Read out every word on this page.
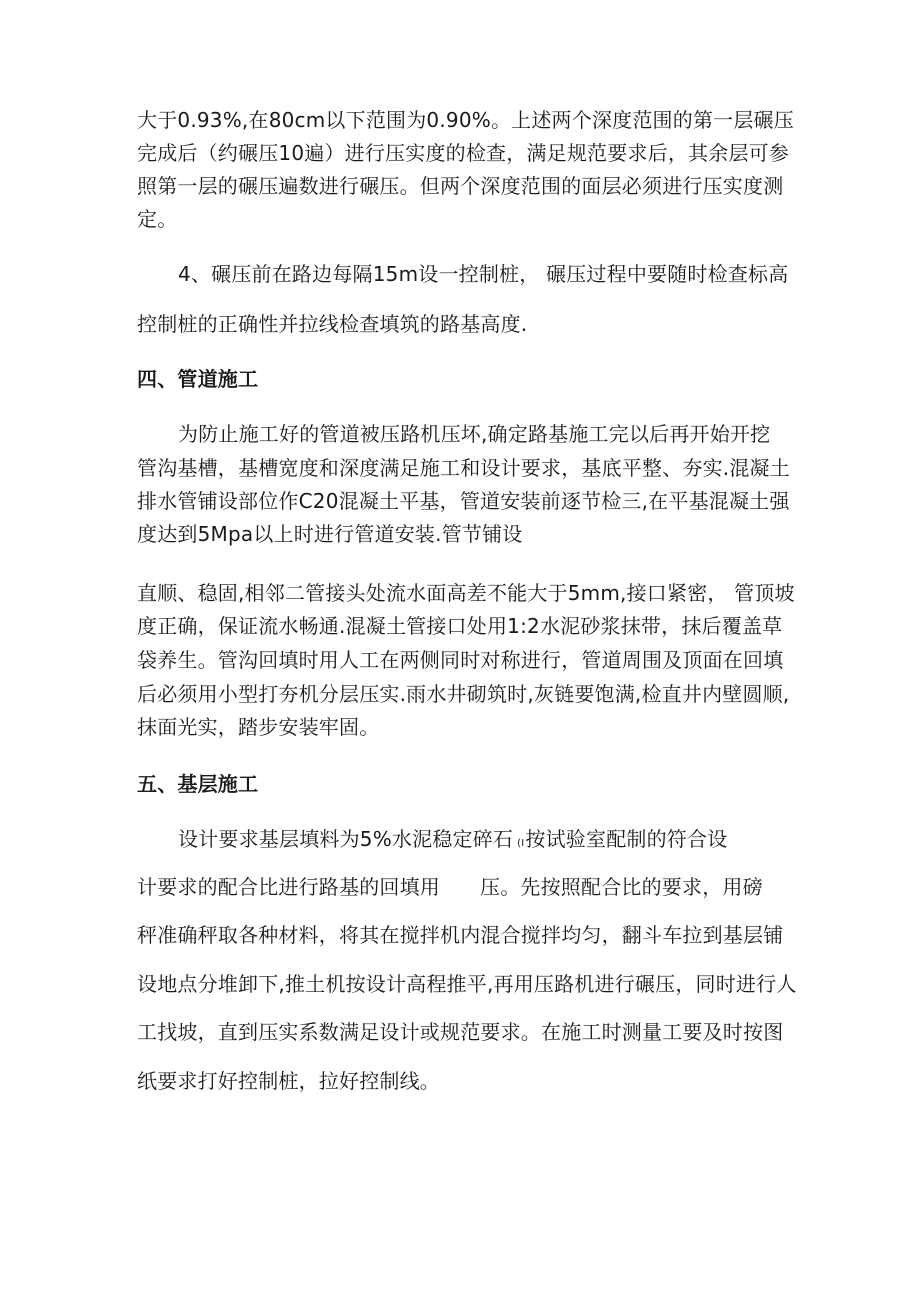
大于0.93%,在80cm以下范围为0.90%。上述两个深度范围的第一层碾压
完成后（约碾压10遍）进行压实度的检查，满足规范要求后，其余层可参
照第一层的碾压遍数进行碾压。但两个深度范围的面层必须进行压实度测
定。
4、碾压前在路边每隔15m设一控制桩， 碾压过程中要随时检查标高
控制桩的正确性并拉线检查填筑的路基高度.
四、管道施工
为防止施工好的管道被压路机压坏,确定路基施工完以后再开始开挖
管沟基槽，基槽宽度和深度满足施工和设计要求，基底平整、夯实.混凝土
排水管铺设部位作C20混凝土平基，管道安装前逐节检三,在平基混凝土强
度达到5Mpa以上时进行管道安装.管节铺设
直顺、稳固,相邻二管接头处流水面高差不能大于5mm,接口紧密， 管顶坡
度正确，保证流水畅通.混凝土管接口处用1:2水泥砂浆抹带，抹后覆盖草
袋养生。管沟回填时用人工在两侧同时对称进行，管道周围及顶面在回填
后必须用小型打夯机分层压实.雨水井砌筑时,灰链要饱满,检直井内壁圆顺,
抹面光实，踏步安装牢固。
五、基层施工
设计要求基层填料为5%水泥稳定碎石 (I按试验室配制的符合设
计要求的配合比进行路基的回填用 压。先按照配合比的要求，用磅
秤准确秤取各种材料，将其在搅拌机内混合搅拌均匀，翻斗车拉到基层铺
设地点分堆卸下,推土机按设计高程推平,再用压路机进行碾压，同时进行人
工找坡，直到压实系数满足设计或规范要求。在施工时测量工要及时按图
纸要求打好控制桩，拉好控制线。
